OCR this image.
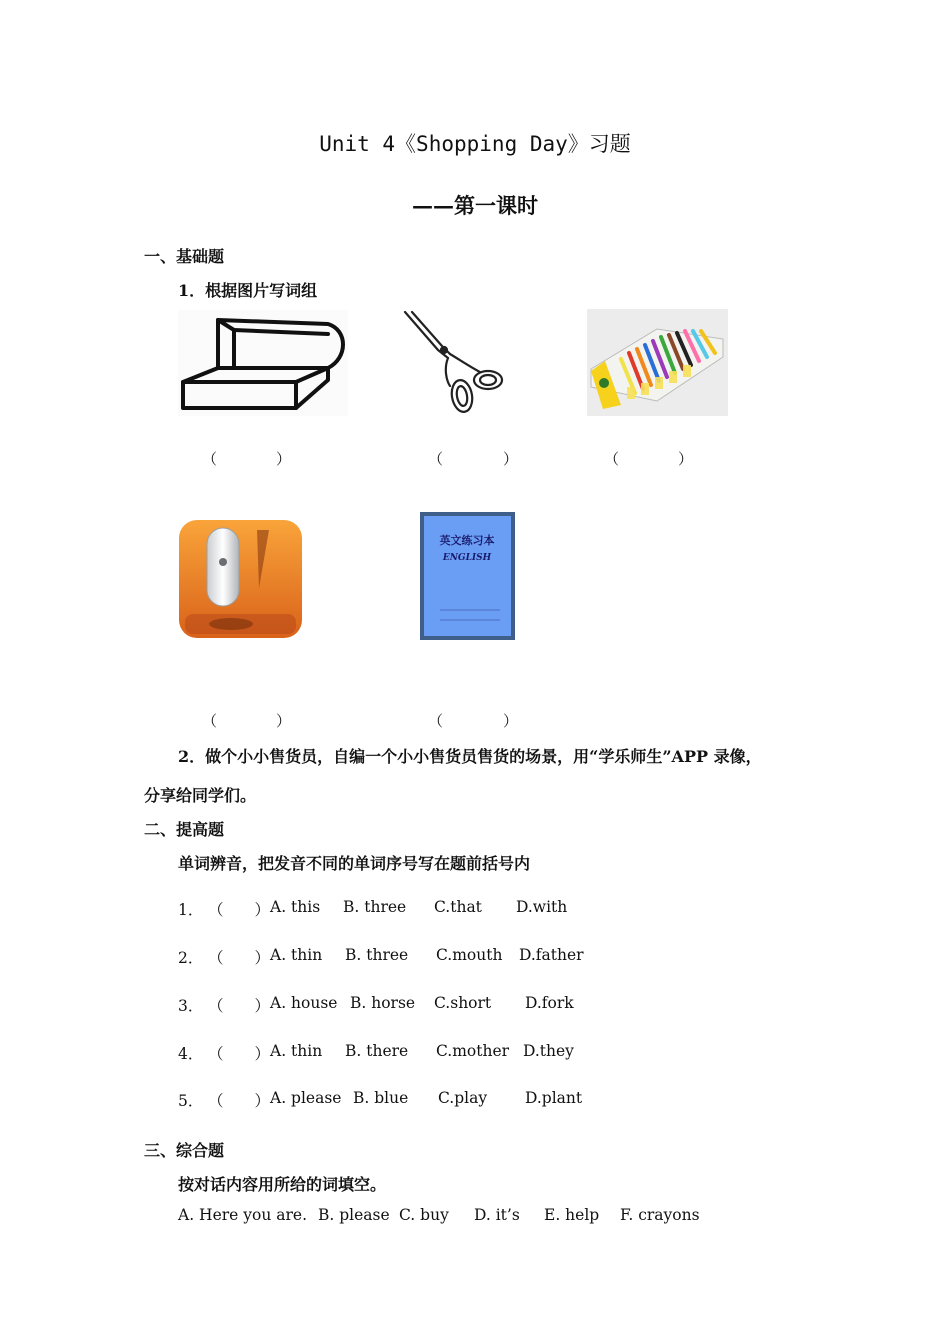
Unit 4《Shopping Day》习题
——第一课时
一、基础题
1．根据图片写词组
（	）	（	）	（	）
英文练习本
ENGLISH
（	）	（	）
2．做个小小售货员，自编一个小小售货员售货的场景，用“学乐师生”APP 录像，
分享给同学们。
二、提高题
单词辨音，把发音不同的单词序号写在题前括号内
1． （　　） A. this B. three C.that D.with
2． （　　） A. thin B. three C.mouth D.father
3． （　　） A. house B. horse C.short D.fork
4． （　　） A. thin B. there C.mother D.they
5． （　　） A. please B. blue C.play D.plant
三、综合题
按对话内容用所给的词填空。
A. Here you are. B. please C. buy D. it’s E. help F. crayons
